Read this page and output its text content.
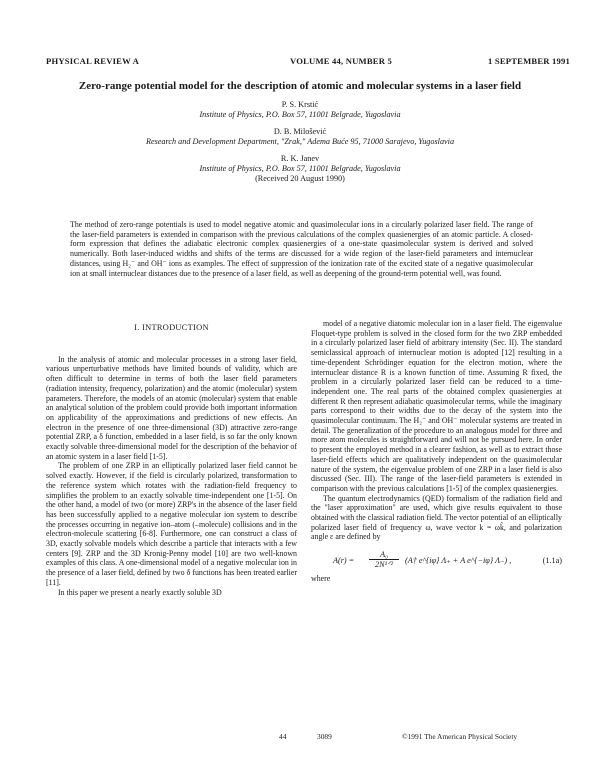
PHYSICAL REVIEW A	VOLUME 44, NUMBER 5	1 SEPTEMBER 1991
Zero-range potential model for the description of atomic and molecular systems in a laser field
P. S. Krstić
Institute of Physics, P.O. Box 57, 11001 Belgrade, Yugoslavia
D. B. Milošević
Research and Development Department, "Zrak," Adema Buće 95, 71000 Sarajevo, Yugoslavia
R. K. Janev
Institute of Physics, P.O. Box 57, 11001 Belgrade, Yugoslavia
(Received 20 August 1990)
The method of zero-range potentials is used to model negative atomic and quasimolecular ions in a circularly polarized laser field. The range of the laser-field parameters is extended in comparison with the previous calculations of the complex quasienergies of an atomic particle. A closed-form expression that defines the adiabatic electronic complex quasienergies of a one-state quasimolecular system is derived and solved numerically. Both laser-induced widths and shifts of the terms are discussed for a wide region of the laser-field parameters and internuclear distances, using H₂⁻ and OH⁻ ions as examples. The effect of suppression of the ionization rate of the excited state of a negative quasimolecular ion at small internuclear distances due to the presence of a laser field, as well as deepening of the ground-term potential well, was found.
I. INTRODUCTION

In the analysis of atomic and molecular processes in a strong laser field, various unperturbative methods have limited bounds of validity, which are often difficult to determine in terms of both the laser field parameters (radiation intensity, frequency, polarization) and the atomic (molecular) system parameters. Therefore, the models of an atomic (molecular) system that enable an analytical solution of the problem could provide both important information on applicability of the approximations and predictions of new effects. An electron in the presence of one three-dimensional (3D) attractive zero-range potential ZRP, a δ function, embedded in a laser field, is so far the only known exactly solvable three-dimensional model for the description of the behavior of an atomic system in a laser field [1-5].

The problem of one ZRP in an elliptically polarized laser field cannot be solved exactly. However, if the field is circularly polarized, transformation to the reference system which rotates with the radiation-field frequency to simplifies the problem to an exactly solvable time-independent one [1-5]. On the other hand, a model of two (or more) ZRP's in the absence of the laser field has been successfully applied to a negative molecular ion system to describe the processes occurring in negative ion–atom (–molecule) collisions and in the electron-molecule scattering [6-8]. Furthermore, one can construct a class of 3D, exactly solvable models which describe a particle that interacts with a few centers [9]. ZRP and the 3D Kronig-Penny model [10] are two well-known examples of this class. A one-dimensional model of a negative molecular ion in the presence of a laser field, defined by two δ functions has been treated earlier [11].

In this paper we present a nearly exactly soluble 3D

model of a negative diatomic molecular ion in a laser field. The eigenvalue Floquet-type problem is solved in the closed form for the two ZRP embedded in a circularly polarized laser field of arbitrary intensity (Sec. II). The standard semiclassical approach of internuclear motion is adopted [12] resulting in a time-dependent Schrödinger equation for the electron motion, where the internuclear distance R is a known function of time. Assuming R fixed, the problem in a circularly polarized laser field can be reduced to a time-independent one. The real parts of the obtained complex quasienergies at different R then represent adiabatic quasimolecular terms, while the imaginary parts correspond to their widths due to the decay of the system into the quasimolecular continuum. The H₂⁻ and OH⁻ molecular systems are treated in detail. The generalization of the procedure to an analogous model for three and more atom molecules is straightforward and will not be pursued here. In order to present the employed method in a clearer fashion, as well as to extract those laser-field effects which are qualitatively independent on the quasimolecular nature of the system, the eigenvalue problem of one ZRP in a laser field is also discussed (Sec. III). The range of the laser-field parameters is extended in comparison with the previous calculations [1-5] of the complex quasienergies.

The quantum electrodynamics (QED) formalism of the radiation field and the "laser approximation" are used, which give results equivalent to those obtained with the classical radiation field. The vector potential of an elliptically polarized laser field of frequency ω, wave vector k = ωk̂, and polarization angle ε are defined by

A(r) =
A₀
2N¹ᐟ²	(A† e^{iφ} Λ₊ + A e^{−iφ} Λ₋) ,	(1.1a)

where

44	3089	©1991 The American Physical Society
